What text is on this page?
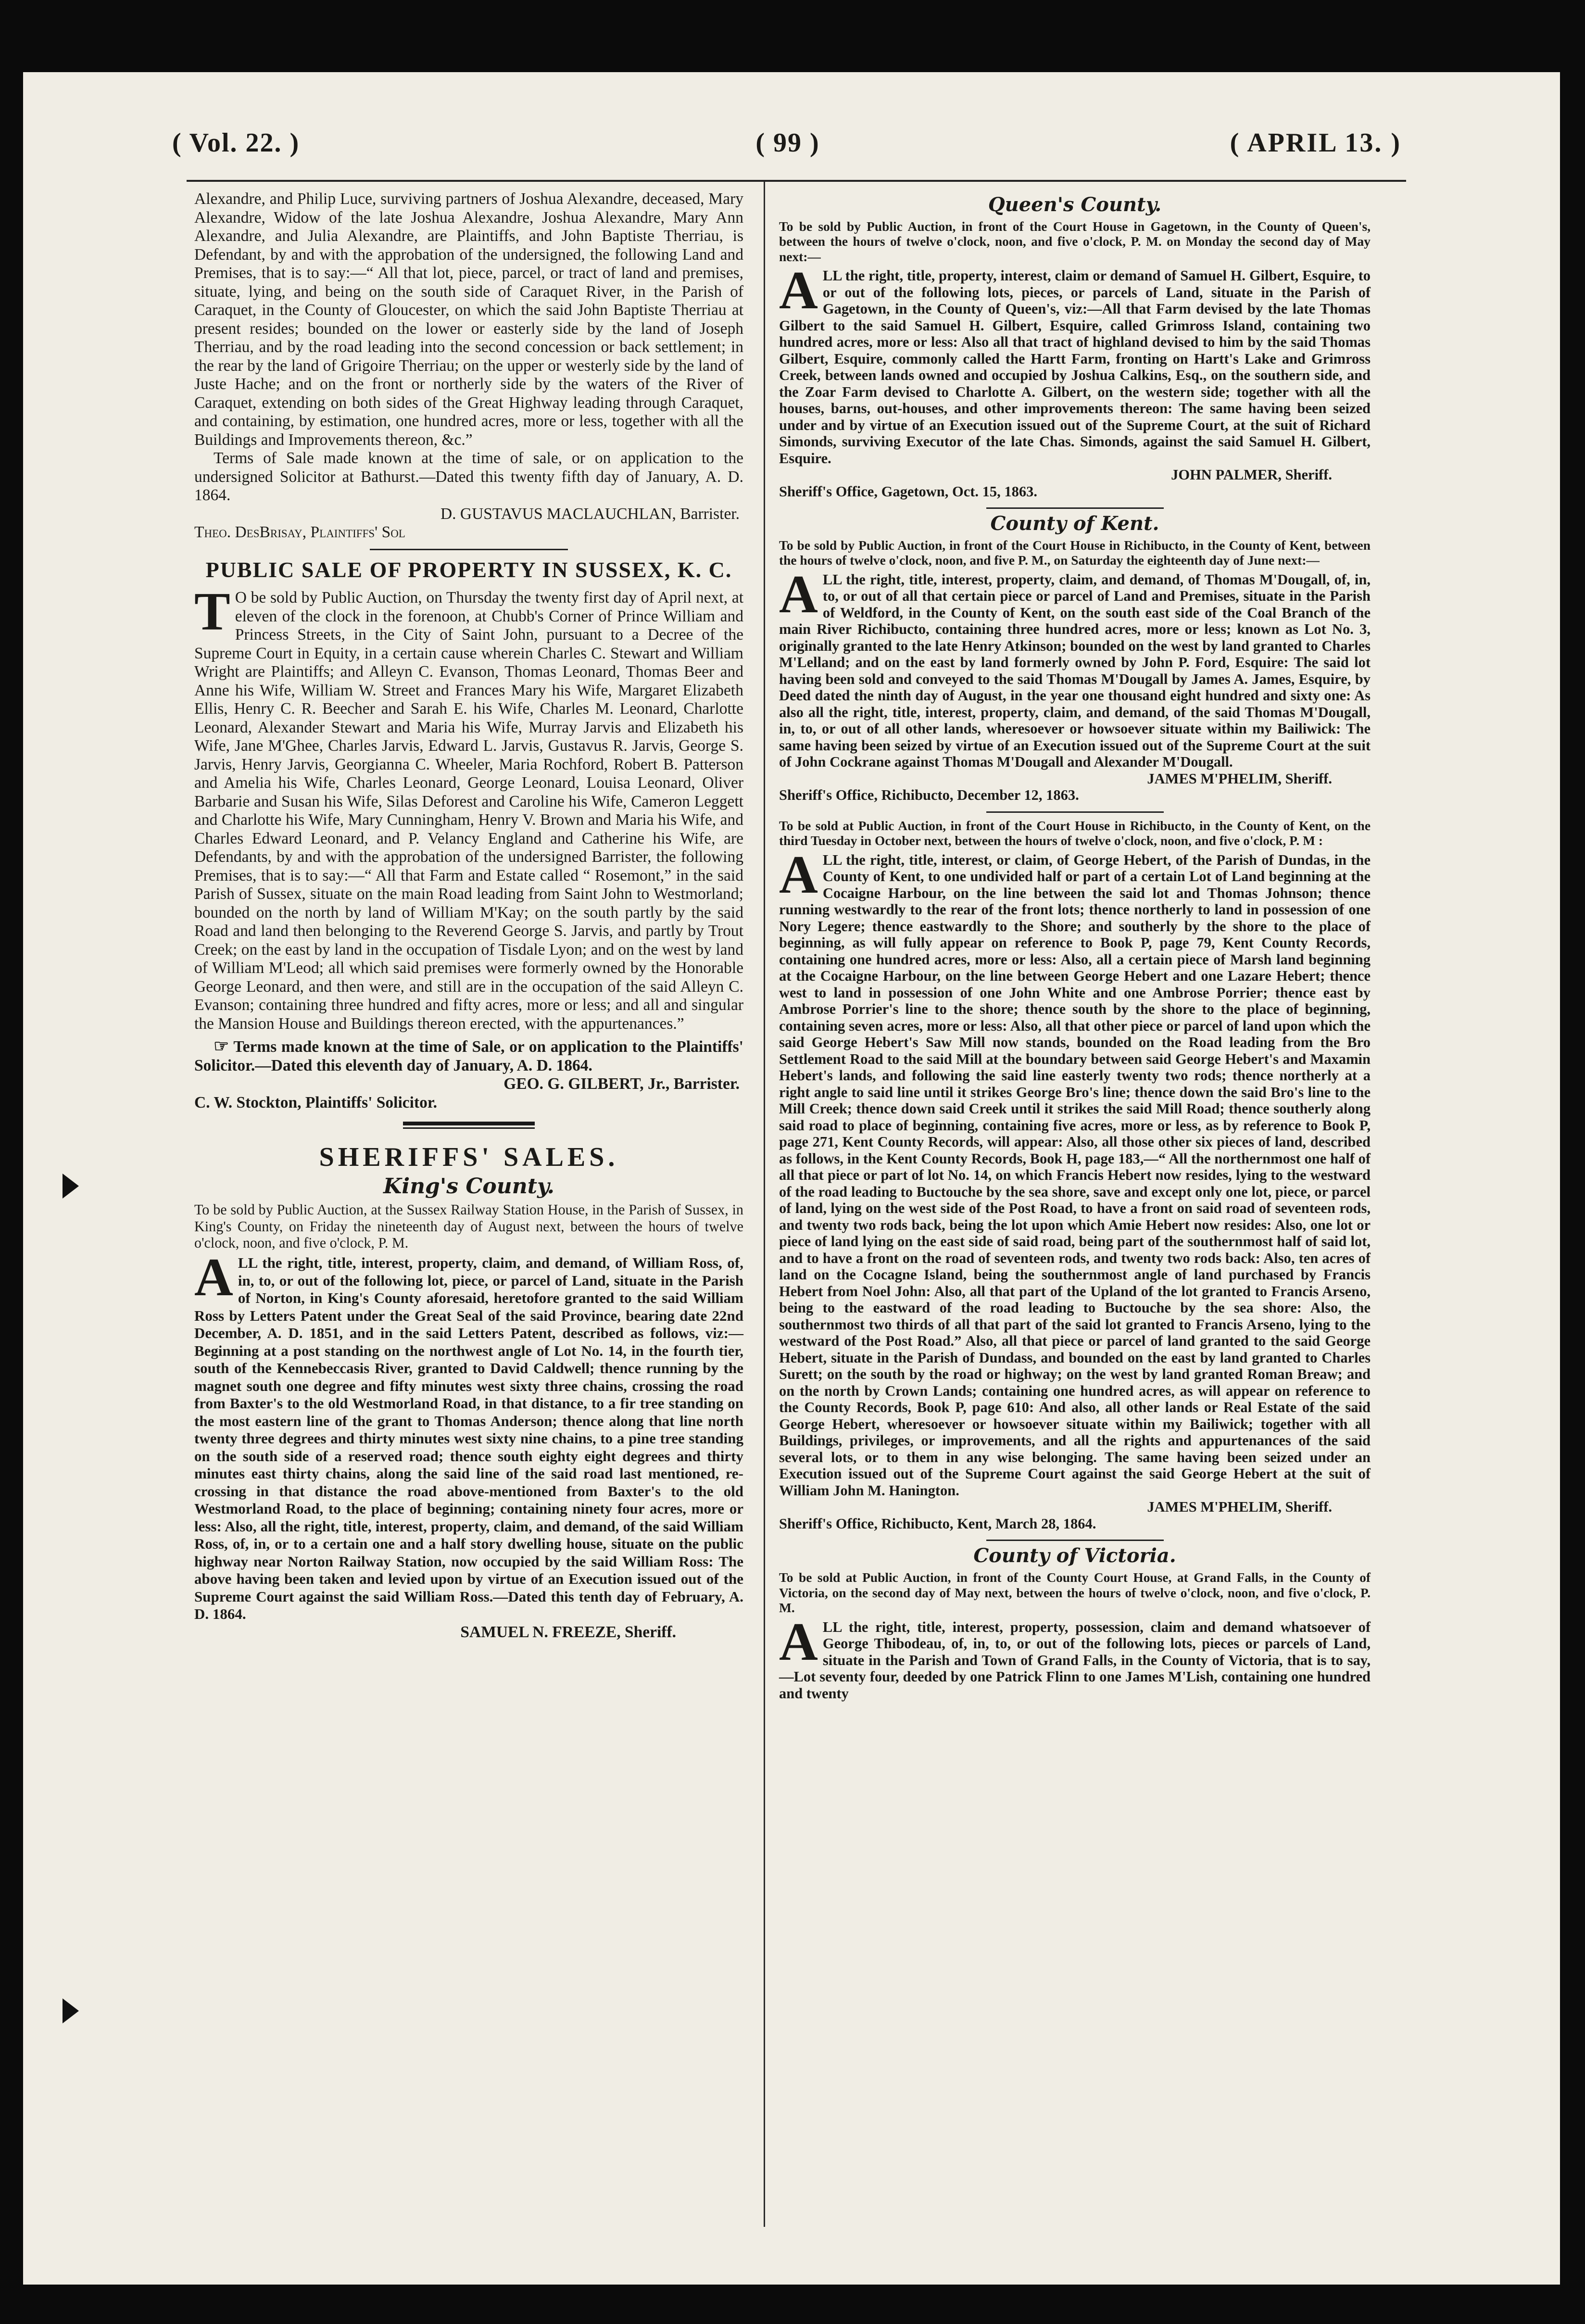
( Vol. 22. )	( 99 )	( APRIL 13. )

Alexandre, and Philip Luce, surviving partners of Joshua Alexandre, deceased, Mary Alexandre, Widow of the late Joshua Alexandre, Joshua Alexandre, Mary Ann Alexandre, and Julia Alexandre, are Plaintiffs, and John Baptiste Therriau, is Defendant, by and with the approbation of the undersigned, the following Land and Premises, that is to say:—“ All that lot, piece, parcel, or tract of land and premises, situate, lying, and being on the south side of Caraquet River, in the Parish of Caraquet, in the County of Gloucester, on which the said John Baptiste Therriau at present resides; bounded on the lower or easterly side by the land of Joseph Therriau, and by the road leading into the second concession or back settlement; in the rear by the land of Grigoire Therriau; on the upper or westerly side by the land of Juste Hache; and on the front or northerly side by the waters of the River of Caraquet, extending on both sides of the Great Highway leading through Caraquet, and containing, by estimation, one hundred acres, more or less, together with all the Buildings and Improvements thereon, &c.”

Terms of Sale made known at the time of sale, or on application to the undersigned Solicitor at Bathurst.—Dated this twenty fifth day of January, A. D. 1864.

D. GUSTAVUS MACLAUCHLAN, Barrister.

Theo. DesBrisay, Plaintiffs' Sol

PUBLIC SALE OF PROPERTY IN SUSSEX, K. C.

T O be sold by Public Auction, on Thursday the twenty first day of April next, at eleven of the clock in the forenoon, at Chubb's Corner of Prince William and Princess Streets, in the City of Saint John, pursuant to a Decree of the Supreme Court in Equity, in a certain cause wherein Charles C. Stewart and William Wright are Plaintiffs; and Alleyn C. Evanson, Thomas Leonard, Thomas Beer and Anne his Wife, William W. Street and Frances Mary his Wife, Margaret Elizabeth Ellis, Henry C. R. Beecher and Sarah E. his Wife, Charles M. Leonard, Charlotte Leonard, Alexander Stewart and Maria his Wife, Murray Jarvis and Elizabeth his Wife, Jane M'Ghee, Charles Jarvis, Edward L. Jarvis, Gustavus R. Jarvis, George S. Jarvis, Henry Jarvis, Georgianna C. Wheeler, Maria Rochford, Robert B. Patterson and Amelia his Wife, Charles Leonard, George Leonard, Louisa Leonard, Oliver Barbarie and Susan his Wife, Silas Deforest and Caroline his Wife, Cameron Leggett and Charlotte his Wife, Mary Cunningham, Henry V. Brown and Maria his Wife, and Charles Edward Leonard, and P. Velancy England and Catherine his Wife, are Defendants, by and with the approbation of the undersigned Barrister, the following Premises, that is to say:—“ All that Farm and Estate called “ Rosemont,” in the said Parish of Sussex, situate on the main Road leading from Saint John to Westmorland; bounded on the north by land of William M'Kay; on the south partly by the said Road and land then belonging to the Reverend George S. Jarvis, and partly by Trout Creek; on the east by land in the occupation of Tisdale Lyon; and on the west by land of William M'Leod; all which said premises were formerly owned by the Honorable George Leonard, and then were, and still are in the occupation of the said Alleyn C. Evanson; containing three hundred and fifty acres, more or less; and all and singular the Mansion House and Buildings thereon erected, with the appurtenances.”

☞ Terms made known at the time of Sale, or on application to the Plaintiffs' Solicitor.—Dated this eleventh day of January, A. D. 1864.

GEO. G. GILBERT, Jr., Barrister.

C. W. Stockton, Plaintiffs' Solicitor.

SHERIFFS' SALES.
King's County.

To be sold by Public Auction, at the Sussex Railway Station House, in the Parish of Sussex, in King's County, on Friday the nineteenth day of August next, between the hours of twelve o'clock, noon, and five o'clock, P. M.

ALL the right, title, interest, property, claim, and demand, of William Ross, of, in, to, or out of the following lot, piece, or parcel of Land, situate in the Parish of Norton, in King's County aforesaid, heretofore granted to the said William Ross by Letters Patent under the Great Seal of the said Province, bearing date 22nd December, A. D. 1851, and in the said Letters Patent, described as follows, viz:—Beginning at a post standing on the northwest angle of Lot No. 14, in the fourth tier, south of the Kennebeccasis River, granted to David Caldwell; thence running by the magnet south one degree and fifty minutes west sixty three chains, crossing the road from Baxter's to the old Westmorland Road, in that distance, to a fir tree standing on the most eastern line of the grant to Thomas Anderson; thence along that line north twenty three degrees and thirty minutes west sixty nine chains, to a pine tree standing on the south side of a reserved road; thence south eighty eight degrees and thirty minutes east thirty chains, along the said line of the said road last mentioned, re-crossing in that distance the road above-mentioned from Baxter's to the old Westmorland Road, to the place of beginning; containing ninety four acres, more or less: Also, all the right, title, interest, property, claim, and demand, of the said William Ross, of, in, or to a certain one and a half story dwelling house, situate on the public highway near Norton Railway Station, now occupied by the said William Ross: The above having been taken and levied upon by virtue of an Execution issued out of the Supreme Court against the said William Ross.—Dated this tenth day of February, A. D. 1864.

SAMUEL N. FREEZE, Sheriff.

Queen's County.

To be sold by Public Auction, in front of the Court House in Gagetown, in the County of Queen's, between the hours of twelve o'clock, noon, and five o'clock, P. M. on Monday the second day of May next:—

ALL the right, title, property, interest, claim or demand of Samuel H. Gilbert, Esquire, to or out of the following lots, pieces, or parcels of Land, situate in the Parish of Gagetown, in the County of Queen's, viz:—All that Farm devised by the late Thomas Gilbert to the said Samuel H. Gilbert, Esquire, called Grimross Island, containing two hundred acres, more or less: Also all that tract of highland devised to him by the said Thomas Gilbert, Esquire, commonly called the Hartt Farm, fronting on Hartt's Lake and Grimross Creek, between lands owned and occupied by Joshua Calkins, Esq., on the southern side, and the Zoar Farm devised to Charlotte A. Gilbert, on the western side; together with all the houses, barns, out-houses, and other improvements thereon: The same having been seized under and by virtue of an Execution issued out of the Supreme Court, at the suit of Richard Simonds, surviving Executor of the late Chas. Simonds, against the said Samuel H. Gilbert, Esquire.

JOHN PALMER, Sheriff.

Sheriff's Office, Gagetown, Oct. 15, 1863.

County of Kent.

To be sold by Public Auction, in front of the Court House in Richibucto, in the County of Kent, between the hours of twelve o'clock, noon, and five P. M., on Saturday the eighteenth day of June next:—

ALL the right, title, interest, property, claim, and demand, of Thomas M'Dougall, of, in, to, or out of all that certain piece or parcel of Land and Premises, situate in the Parish of Weldford, in the County of Kent, on the south east side of the Coal Branch of the main River Richibucto, containing three hundred acres, more or less; known as Lot No. 3, originally granted to the late Henry Atkinson; bounded on the west by land granted to Charles M'Lelland; and on the east by land formerly owned by John P. Ford, Esquire: The said lot having been sold and conveyed to the said Thomas M'Dougall by James A. James, Esquire, by Deed dated the ninth day of August, in the year one thousand eight hundred and sixty one: As also all the right, title, interest, property, claim, and demand, of the said Thomas M'Dougall, in, to, or out of all other lands, wheresoever or howsoever situate within my Bailiwick: The same having been seized by virtue of an Execution issued out of the Supreme Court at the suit of John Cockrane against Thomas M'Dougall and Alexander M'Dougall.

JAMES M'PHELIM, Sheriff.

Sheriff's Office, Richibucto, December 12, 1863.

To be sold at Public Auction, in front of the Court House in Richibucto, in the County of Kent, on the third Tuesday in October next, between the hours of twelve o'clock, noon, and five o'clock, P. M :

ALL the right, title, interest, or claim, of George Hebert, of the Parish of Dundas, in the County of Kent, to one undivided half or part of a certain Lot of Land beginning at the Cocaigne Harbour, on the line between the said lot and Thomas Johnson; thence running westwardly to the rear of the front lots; thence northerly to land in possession of one Nory Legere; thence eastwardly to the Shore; and southerly by the shore to the place of beginning, as will fully appear on reference to Book P, page 79, Kent County Records, containing one hundred acres, more or less: Also, all a certain piece of Marsh land beginning at the Cocaigne Harbour, on the line between George Hebert and one Lazare Hebert; thence west to land in possession of one John White and one Ambrose Porrier; thence east by Ambrose Porrier's line to the shore; thence south by the shore to the place of beginning, containing seven acres, more or less: Also, all that other piece or parcel of land upon which the said George Hebert's Saw Mill now stands, bounded on the Road leading from the Bro Settlement Road to the said Mill at the boundary between said George Hebert's and Maxamin Hebert's lands, and following the said line easterly twenty two rods; thence northerly at a right angle to said line until it strikes George Bro's line; thence down the said Bro's line to the Mill Creek; thence down said Creek until it strikes the said Mill Road; thence southerly along said road to place of beginning, containing five acres, more or less, as by reference to Book P, page 271, Kent County Records, will appear: Also, all those other six pieces of land, described as follows, in the Kent County Records, Book H, page 183,—“ All the northernmost one half of all that piece or part of lot No. 14, on which Francis Hebert now resides, lying to the westward of the road leading to Buctouche by the sea shore, save and except only one lot, piece, or parcel of land, lying on the west side of the Post Road, to have a front on said road of seventeen rods, and twenty two rods back, being the lot upon which Amie Hebert now resides: Also, one lot or piece of land lying on the east side of said road, being part of the southernmost half of said lot, and to have a front on the road of seventeen rods, and twenty two rods back: Also, ten acres of land on the Cocagne Island, being the southernmost angle of land purchased by Francis Hebert from Noel John: Also, all that part of the Upland of the lot granted to Francis Arseno, being to the eastward of the road leading to Buctouche by the sea shore: Also, the southernmost two thirds of all that part of the said lot granted to Francis Arseno, lying to the westward of the Post Road.” Also, all that piece or parcel of land granted to the said George Hebert, situate in the Parish of Dundass, and bounded on the east by land granted to Charles Surett; on the south by the road or highway; on the west by land granted Roman Breaw; and on the north by Crown Lands; containing one hundred acres, as will appear on reference to the County Records, Book P, page 610: And also, all other lands or Real Estate of the said George Hebert, wheresoever or howsoever situate within my Bailiwick; together with all Buildings, privileges, or improvements, and all the rights and appurtenances of the said several lots, or to them in any wise belonging. The same having been seized under an Execution issued out of the Supreme Court against the said George Hebert at the suit of William John M. Hanington.

JAMES M'PHELIM, Sheriff.

Sheriff's Office, Richibucto, Kent, March 28, 1864.

County of Victoria.

To be sold at Public Auction, in front of the County Court House, at Grand Falls, in the County of Victoria, on the second day of May next, between the hours of twelve o'clock, noon, and five o'clock, P. M.

ALL the right, title, interest, property, possession, claim and demand whatsoever of George Thibodeau, of, in, to, or out of the following lots, pieces or parcels of Land, situate in the Parish and Town of Grand Falls, in the County of Victoria, that is to say,—Lot seventy four, deeded by one Patrick Flinn to one James M'Lish, containing one hundred and twenty
